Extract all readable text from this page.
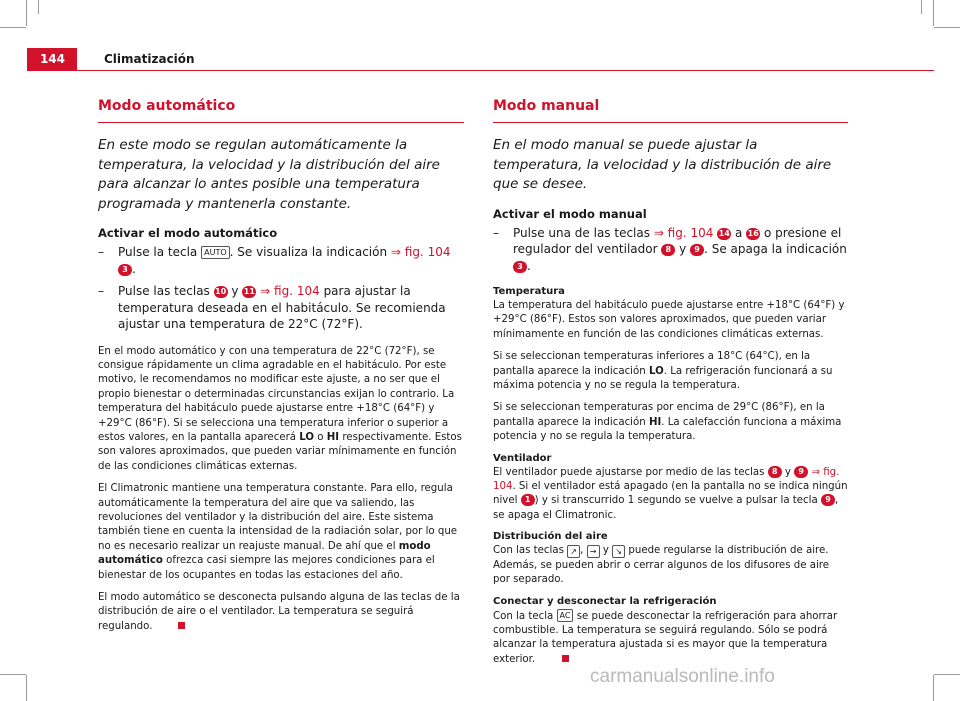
144	Climatización
Modo automático
En este modo se regulan automáticamente la temperatura, la velocidad y la distribución del aire para alcanzar lo antes posible una temperatura programada y mantenerla constante.
Activar el modo automático
– Pulse la tecla AUTO . Se visualiza la indicación ⇒ fig. 104 3 .
– Pulse las teclas 10 y 11 ⇒ fig. 104 para ajustar la temperatura deseada en el habitáculo. Se recomienda ajustar una temperatura de 22°C (72°F).

En el modo automático y con una temperatura de 22°C (72°F), se consigue rápidamente un clima agradable en el habitáculo. Por este motivo, le recomendamos no modificar este ajuste, a no ser que el propio bienestar o determinadas circunstancias exijan lo contrario. La temperatura del habitáculo puede ajustarse entre +18°C (64°F) y +29°C (86°F). Si se selecciona una temperatura inferior o superior a estos valores, en la pantalla aparecerá LO o HI respectivamente. Estos son valores aproximados, que pueden variar mínimamente en función de las condiciones climáticas externas.

El Climatronic mantiene una temperatura constante. Para ello, regula automáticamente la temperatura del aire que va saliendo, las revoluciones del ventilador y la distribución del aire. Este sistema también tiene en cuenta la intensidad de la radiación solar, por lo que no es necesario realizar un reajuste manual. De ahí que el modo automático ofrezca casi siempre las mejores condiciones para el bienestar de los ocupantes en todas las estaciones del año.

El modo automático se desconecta pulsando alguna de las teclas de la distribución de aire o el ventilador. La temperatura se seguirá regulando.

Modo manual
En el modo manual se puede ajustar la temperatura, la velocidad y la distribución de aire que se desee.
Activar el modo manual
– Pulse una de las teclas ⇒ fig. 104 14 a 16 o presione el regulador del ventilador 8 y 9 . Se apaga la indicación 3 .
Temperatura

La temperatura del habitáculo puede ajustarse entre +18°C (64°F) y +29°C (86°F). Estos son valores aproximados, que pueden variar mínimamente en función de las condiciones climáticas externas.

Si se seleccionan temperaturas inferiores a 18°C (64°C), en la pantalla aparece la indicación LO. La refrigeración funcionará a su máxima potencia y no se regula la temperatura.

Si se seleccionan temperaturas por encima de 29°C (86°F), en la pantalla aparece la indicación HI. La calefacción funciona a máxima potencia y no se regula la temperatura.

Ventilador

El ventilador puede ajustarse por medio de las teclas 8 y 9 ⇒ fig. 104. Si el ventilador está apagado (en la pantalla no se indica ningún nivel 1 ) y si transcurrido 1 segundo se vuelve a pulsar la tecla 9 , se apaga el Climatronic.

Distribución del aire

Con las teclas ↗ , → y ↘ puede regularse la distribución de aire. Además, se pueden abrir o cerrar algunos de los difusores de aire por separado.

Conectar y desconectar la refrigeración

Con la tecla AC se puede desconectar la refrigeración para ahorrar combustible. La temperatura se seguirá regulando. Sólo se podrá alcanzar la temperatura ajustada si es mayor que la temperatura exterior.

carmanualsonline.info
